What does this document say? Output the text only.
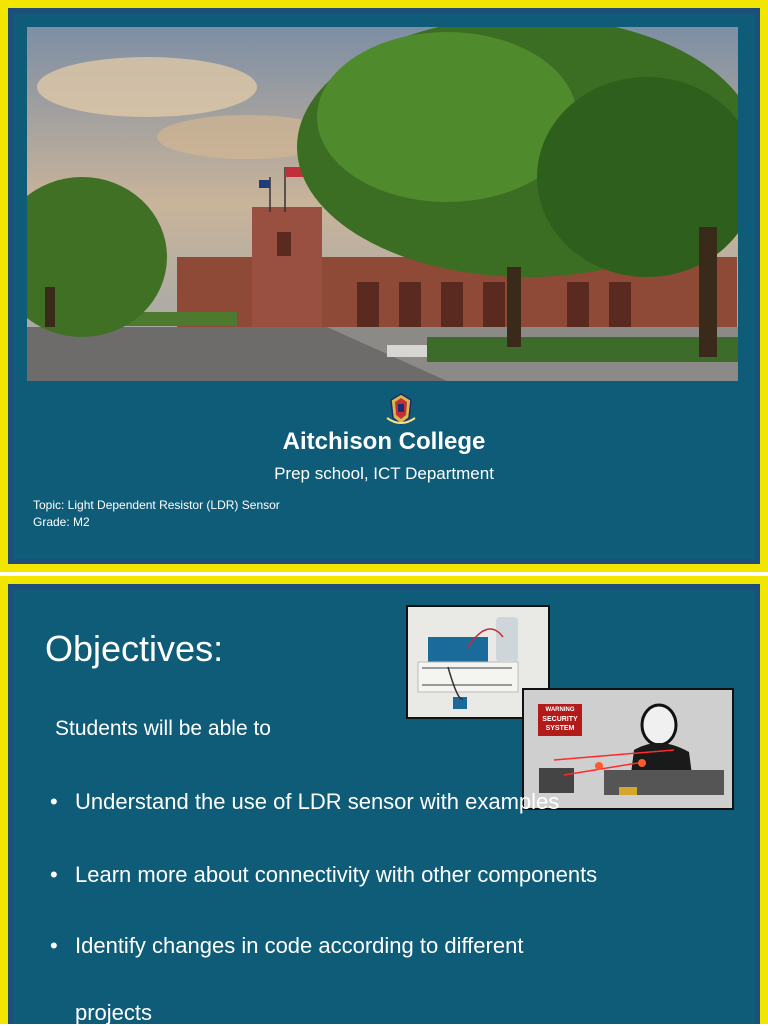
Aitchison College
Prep school, ICT Department
Topic: Light Dependent Resistor (LDR) Sensor
Grade: M2
Objectives:
Students will be able to
WARNING
SECURITY
SYSTEM
• Understand the use of LDR sensor with examples
• Learn more about connectivity with other components
• Identify changes in code according to different
projects
